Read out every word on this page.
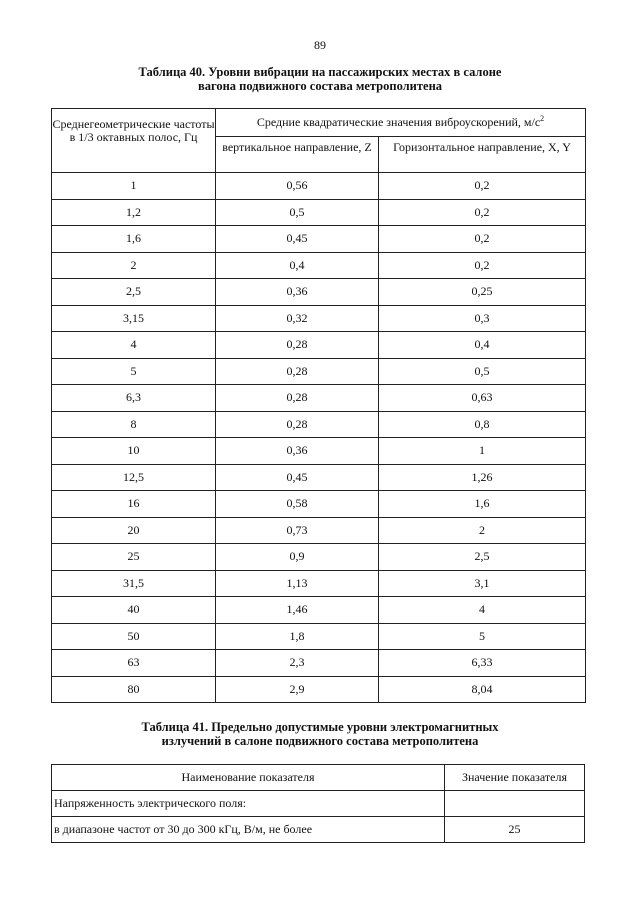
89
Таблица 40. Уровни вибрации на пассажирских местах в салоне
вагона подвижного состава метрополитена
Среднегеометрические частоты в 1/3 октавных полос, Гц	Средние квадратические значения виброускорений, $м/с^2$
	вертикальное направление, Z	Горизонтальное направление, X, Y
1	0,56	0,2
1,2	0,5	0,2
1,6	0,45	0,2
2	0,4	0,2
2,5	0,36	0,25
3,15	0,32	0,3
4	0,28	0,4
5	0,28	0,5
6,3	0,28	0,63
8	0,28	0,8
10	0,36	1
12,5	0,45	1,26
16	0,58	1,6
20	0,73	2
25	0,9	2,5
31,5	1,13	3,1
40	1,46	4
50	1,8	5
63	2,3	6,33
80	2,9	8,04
Таблица 41. Предельно допустимые уровни электромагнитных
излучений в салоне подвижного состава метрополитена
Наименование показателя	Значение показателя
Напряженность электрического поля:	
в диапазоне частот от 30 до 300 кГц, В/м, не более	25
